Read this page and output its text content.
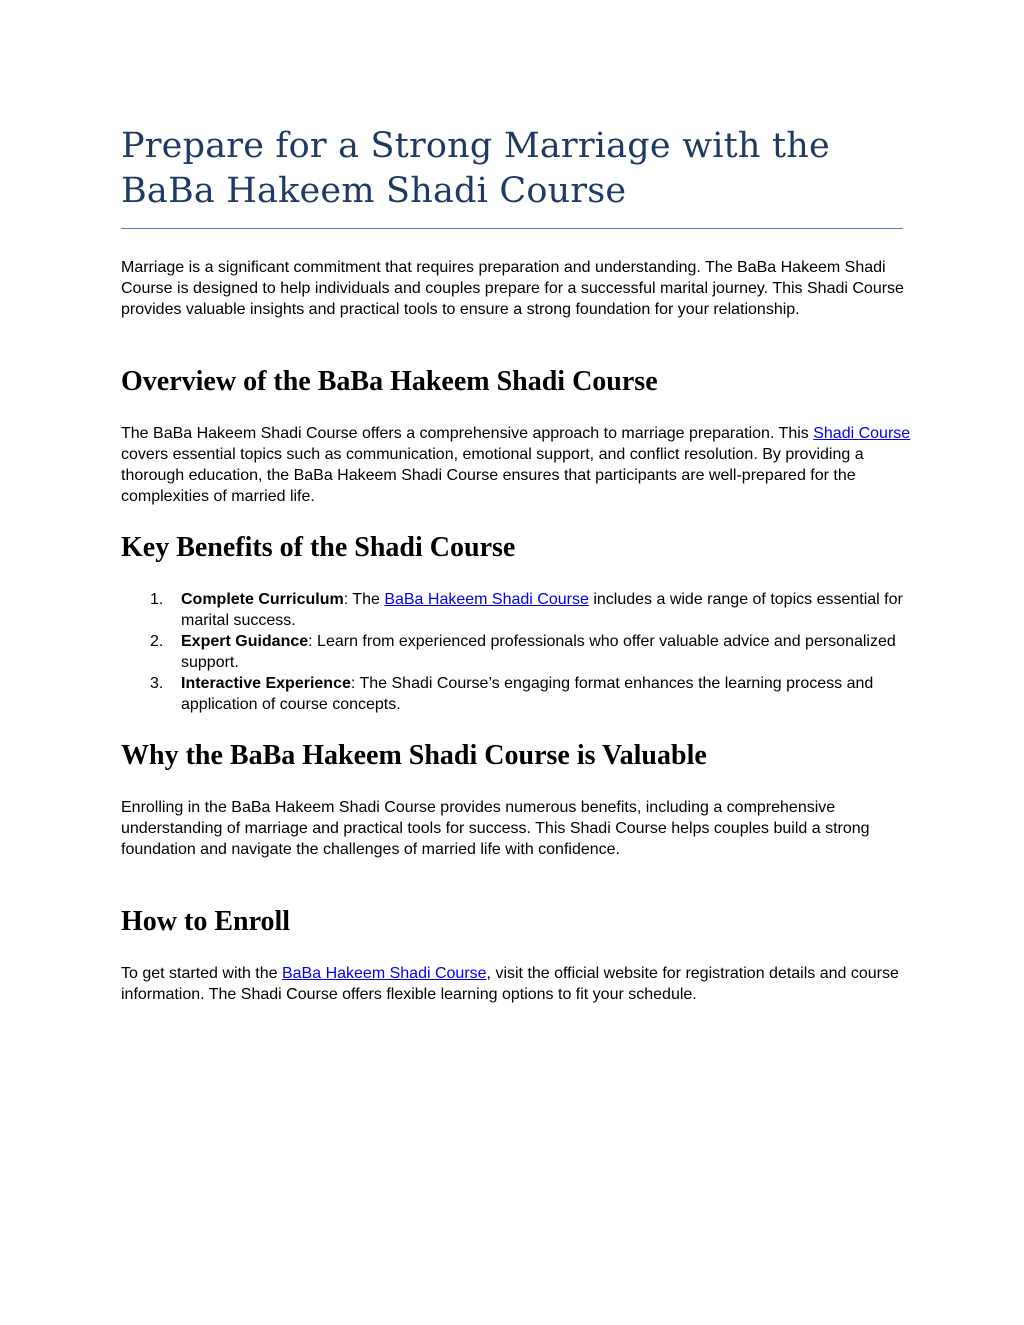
Prepare for a Strong Marriage with the
BaBa Hakeem Shadi Course

Marriage is a significant commitment that requires preparation and understanding. The BaBa Hakeem Shadi Course is designed to help individuals and couples prepare for a successful marital journey. This Shadi Course provides valuable insights and practical tools to ensure a strong foundation for your relationship.

Overview of the BaBa Hakeem Shadi Course

The BaBa Hakeem Shadi Course offers a comprehensive approach to marriage preparation. This Shadi Course covers essential topics such as communication, emotional support, and conflict resolution. By providing a thorough education, the BaBa Hakeem Shadi Course ensures that participants are well-prepared for the complexities of married life.

Key Benefits of the Shadi Course
1. Complete Curriculum: The BaBa Hakeem Shadi Course includes a wide range of topics essential for marital success.
2. Expert Guidance: Learn from experienced professionals who offer valuable advice and personalized support.
3. Interactive Experience: The Shadi Course’s engaging format enhances the learning process and application of course concepts.
Why the BaBa Hakeem Shadi Course is Valuable

Enrolling in the BaBa Hakeem Shadi Course provides numerous benefits, including a comprehensive understanding of marriage and practical tools for success. This Shadi Course helps couples build a strong foundation and navigate the challenges of married life with confidence.

How to Enroll

To get started with the BaBa Hakeem Shadi Course, visit the official website for registration details and course information. The Shadi Course offers flexible learning options to fit your schedule.
